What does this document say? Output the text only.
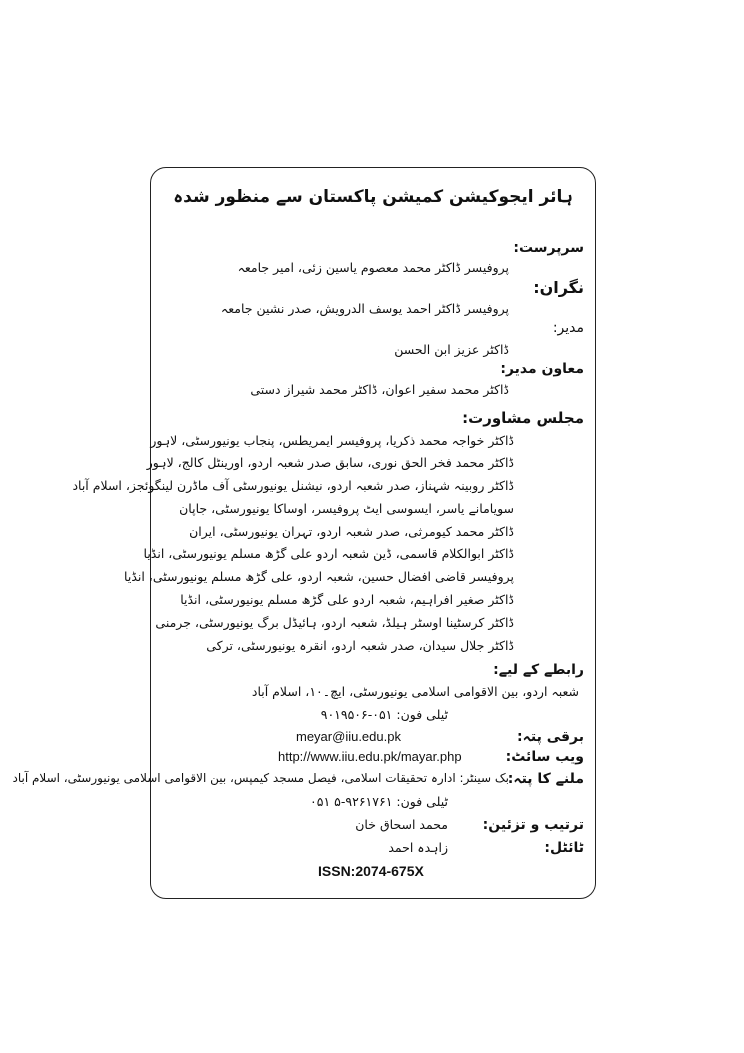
ہائر ایجوکیشن کمیشن پاکستان سے منظور شدہ
سرپرست:
پروفیسر ڈاکٹر محمد معصوم یاسین زئی، امیر جامعہ
نگران:
پروفیسر ڈاکٹر احمد یوسف الدرویش، صدر نشین جامعہ
مدیر:
ڈاکٹر عزیز ابن الحسن
معاون مدیر:
ڈاکٹر محمد سفیر اعوان، ڈاکٹر محمد شیراز دستی
مجلس مشاورت:
ڈاکٹر خواجہ محمد ذکریا، پروفیسر ایمریطس، پنجاب یونیورسٹی، لاہور
ڈاکٹر محمد فخر الحق نوری، سابق صدر شعبہ اردو، اورینٹل کالج، لاہور
ڈاکٹر روبینہ شہناز، صدر شعبہ اردو، نیشنل یونیورسٹی آف ماڈرن لینگوئجز، اسلام آباد
سویامانے یاسر، ایسوسی ایٹ پروفیسر، اوساکا یونیورسٹی، جاپان
ڈاکٹر محمد کیومرثی، صدر شعبہ اردو، تہران یونیورسٹی، ایران
ڈاکٹر ابوالکلام قاسمی، ڈین شعبہ اردو علی گڑھ مسلم یونیورسٹی، انڈیا
پروفیسر قاضی افضال حسین، شعبہ اردو، علی گڑھ مسلم یونیورسٹی، انڈیا
ڈاکٹر صغیر افراہیم، شعبہ اردو علی گڑھ مسلم یونیورسٹی، انڈیا
ڈاکٹر کرسٹینا اوسٹر ہیلڈ، شعبہ اردو، ہائیڈل برگ یونیورسٹی، جرمنی
ڈاکٹر جلال سیدان، صدر شعبہ اردو، انقرہ یونیورسٹی، ترکی
رابطے کے لیے:
شعبہ اردو، بین الاقوامی اسلامی یونیورسٹی، ایچ۔۱۰، اسلام آباد
ٹیلی فون: ۰۵۱-۹۰۱۹۵۰۶
برقی پتہ:
meyar@iiu.edu.pk
ویب سائٹ:
http://www.iiu.edu.pk/mayar.php
ملنے کا پتہ:
بک سینٹر: ادارہ تحقیقات اسلامی، فیصل مسجد کیمپس، بین الاقوامی اسلامی یونیورسٹی، اسلام آباد
ٹیلی فون: ۹۲۶۱۷۶۱-۵ ۰۵۱
ترتیب و تزئین:
محمد اسحاق خان
ٹائٹل:
زاہدہ احمد
ISSN:2074-675X
